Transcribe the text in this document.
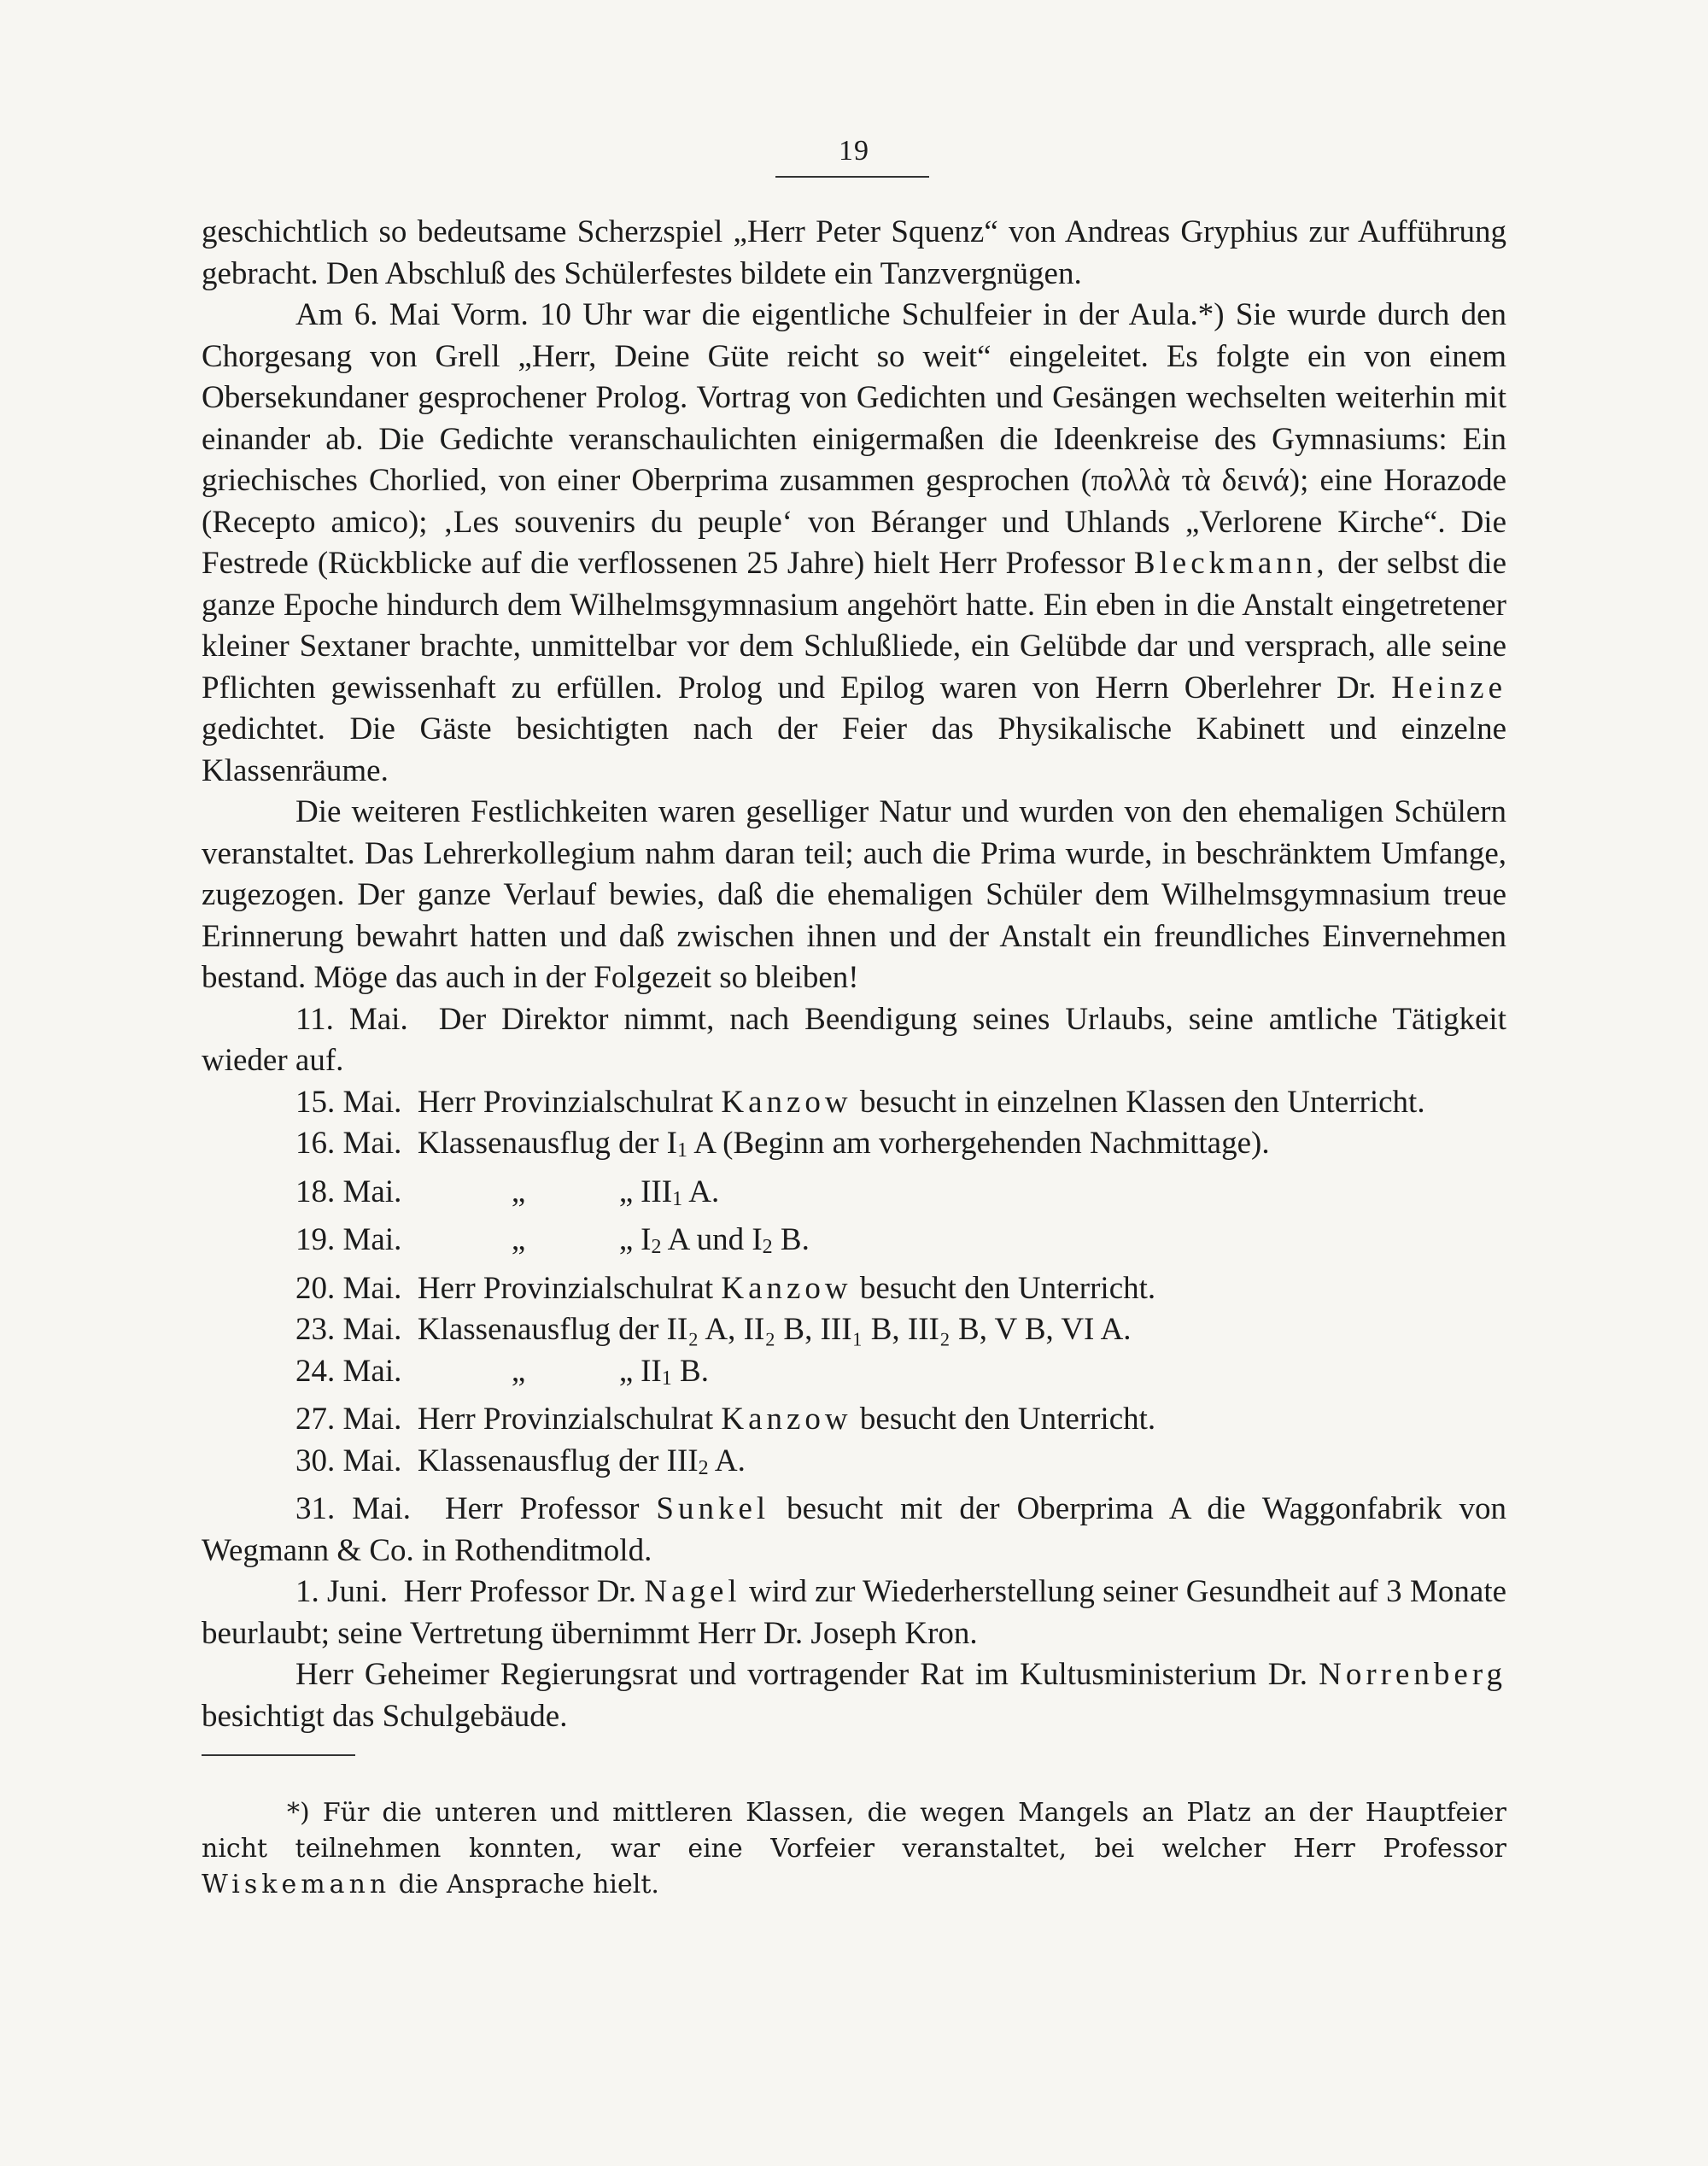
19

geschichtlich so bedeutsame Scherzspiel „Herr Peter Squenz“ von Andreas Gryphius zur Aufführung gebracht. Den Abschluß des Schülerfestes bildete ein Tanzvergnügen.

Am 6. Mai Vorm. 10 Uhr war die eigentliche Schulfeier in der Aula.*) Sie wurde durch den Chorgesang von Grell „Herr, Deine Güte reicht so weit“ eingeleitet. Es folgte ein von einem Obersekundaner gesprochener Prolog. Vortrag von Gedichten und Gesängen wechselten weiterhin mit einander ab. Die Gedichte veranschaulichten einigermaßen die Ideenkreise des Gymnasiums: Ein griechisches Chorlied, von einer Oberprima zusammen gesprochen (πολλὰ τὰ δεινά); eine Horazode (Recepto amico); ‚Les souvenirs du peuple‘ von Béranger und Uhlands „Verlorene Kirche“. Die Festrede (Rückblicke auf die verflossenen 25 Jahre) hielt Herr Professor Bleckmann, der selbst die ganze Epoche hindurch dem Wilhelmsgymnasium angehört hatte. Ein eben in die Anstalt eingetretener kleiner Sextaner brachte, unmittelbar vor dem Schlußliede, ein Gelübde dar und versprach, alle seine Pflichten gewissenhaft zu erfüllen. Prolog und Epilog waren von Herrn Oberlehrer Dr. Heinze gedichtet. Die Gäste besichtigten nach der Feier das Physikalische Kabinett und einzelne Klassenräume.

Die weiteren Festlichkeiten waren geselliger Natur und wurden von den ehemaligen Schülern veranstaltet. Das Lehrerkollegium nahm daran teil; auch die Prima wurde, in beschränktem Umfange, zugezogen. Der ganze Verlauf bewies, daß die ehemaligen Schüler dem Wilhelmsgymnasium treue Erinnerung bewahrt hatten und daß zwischen ihnen und der Anstalt ein freundliches Einvernehmen bestand. Möge das auch in der Folgezeit so bleiben!

11. Mai. Der Direktor nimmt, nach Beendigung seines Urlaubs, seine amtliche Tätigkeit wieder auf.

15. Mai. Herr Provinzialschulrat Kanzow besucht in einzelnen Klassen den Unterricht.

16. Mai. Klassenausflug der $I_1$ A (Beginn am vorhergehenden Nachmittage).

18. Mai.	„	„ $III_1$ A.

19. Mai.	„	„ $I_2$ A und $I_2$ B.

20. Mai. Herr Provinzialschulrat Kanzow besucht den Unterricht.

23. Mai. Klassenausflug der II₂ A, II₂ B, III₁ B, III₂ B, V B, VI A.

24. Mai.	„	„ $II_1$ B.

27. Mai. Herr Provinzialschulrat Kanzow besucht den Unterricht.

30. Mai. Klassenausflug der $III_2$ A.

31. Mai. Herr Professor Sunkel besucht mit der Oberprima A die Waggonfabrik von Wegmann & Co. in Rothenditmold.

1. Juni. Herr Professor Dr. Nagel wird zur Wiederherstellung seiner Gesundheit auf 3 Monate beurlaubt; seine Vertretung übernimmt Herr Dr. Joseph Kron.

Herr Geheimer Regierungsrat und vortragender Rat im Kultusministerium Dr. Norrenberg besichtigt das Schulgebäude.

*) Für die unteren und mittleren Klassen, die wegen Mangels an Platz an der Hauptfeier nicht teilnehmen konnten, war eine Vorfeier veranstaltet, bei welcher Herr Professor Wiskemann die Ansprache hielt.
